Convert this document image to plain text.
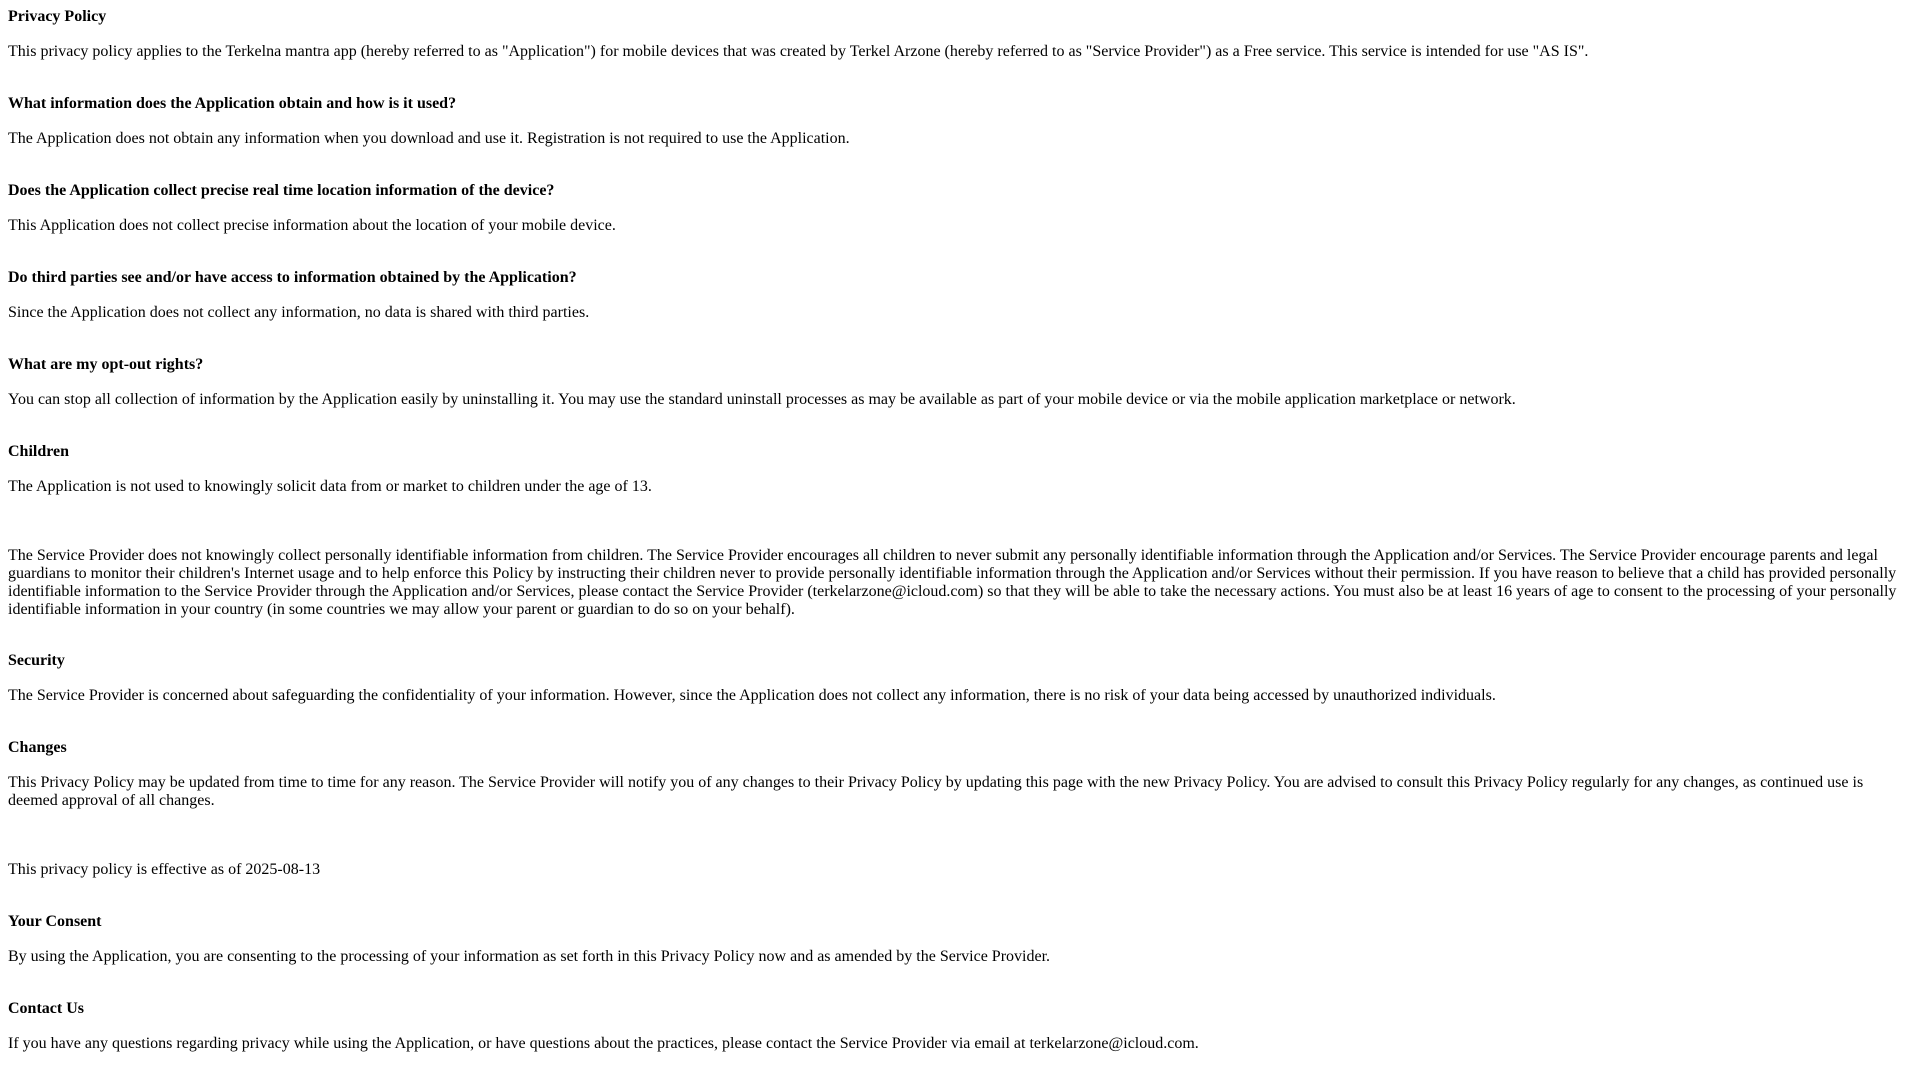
Privacy Policy

This privacy policy applies to the Terkelna mantra app (hereby referred to as "Application") for mobile devices that was created by Terkel Arzone (hereby referred to as "Service Provider") as a Free service. This service is intended for use "AS IS".

What information does the Application obtain and how is it used?

The Application does not obtain any information when you download and use it. Registration is not required to use the Application.

Does the Application collect precise real time location information of the device?

This Application does not collect precise information about the location of your mobile device.

Do third parties see and/or have access to information obtained by the Application?

Since the Application does not collect any information, no data is shared with third parties.

What are my opt-out rights?

You can stop all collection of information by the Application easily by uninstalling it. You may use the standard uninstall processes as may be available as part of your mobile device or via the mobile application marketplace or network.

Children

The Application is not used to knowingly solicit data from or market to children under the age of 13.

The Service Provider does not knowingly collect personally identifiable information from children. The Service Provider encourages all children to never submit any personally identifiable information through the Application and/or Services. The Service Provider encourage parents and legal guardians to monitor their children's Internet usage and to help enforce this Policy by instructing their children never to provide personally identifiable information through the Application and/or Services without their permission. If you have reason to believe that a child has provided personally identifiable information to the Service Provider through the Application and/or Services, please contact the Service Provider (terkelarzone@icloud.com) so that they will be able to take the necessary actions. You must also be at least 16 years of age to consent to the processing of your personally identifiable information in your country (in some countries we may allow your parent or guardian to do so on your behalf).

Security

The Service Provider is concerned about safeguarding the confidentiality of your information. However, since the Application does not collect any information, there is no risk of your data being accessed by unauthorized individuals.

Changes

This Privacy Policy may be updated from time to time for any reason. The Service Provider will notify you of any changes to their Privacy Policy by updating this page with the new Privacy Policy. You are advised to consult this Privacy Policy regularly for any changes, as continued use is deemed approval of all changes.

This privacy policy is effective as of 2025-08-13

Your Consent

By using the Application, you are consenting to the processing of your information as set forth in this Privacy Policy now and as amended by the Service Provider.

Contact Us

If you have any questions regarding privacy while using the Application, or have questions about the practices, please contact the Service Provider via email at terkelarzone@icloud.com.
